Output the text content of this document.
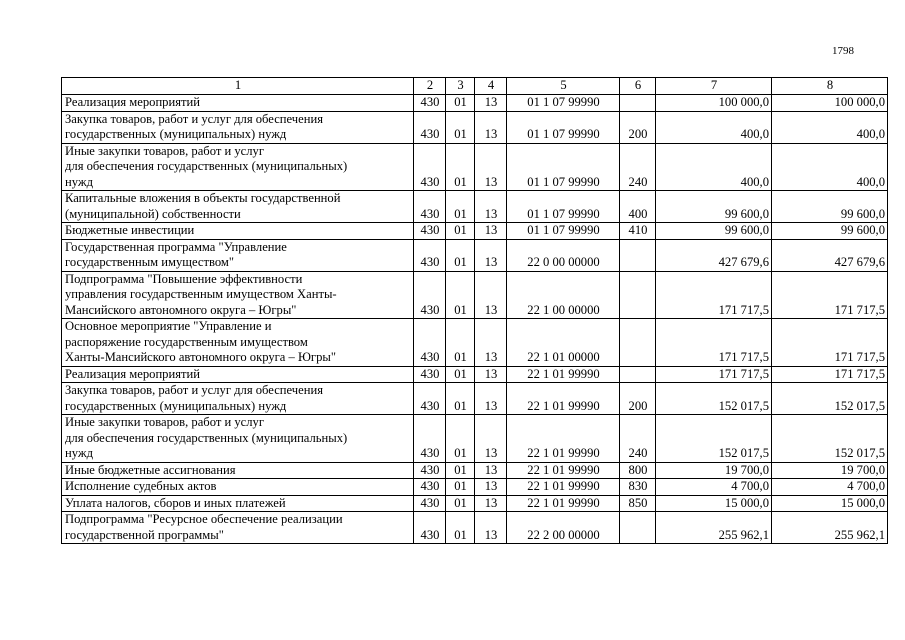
1798
1	2	3	4	5	6	7	8

Реализация мероприятий	430	01	13	01 1 07 99990		100 000,0	100 000,0

Закупка товаров, работ и услуг для обеспечения
государственных (муниципальных) нужд	430	01	13	01 1 07 99990	200	400,0	400,0

Иные закупки товаров, работ и услуг
для обеспечения государственных (муниципальных)
нужд	430	01	13	01 1 07 99990	240	400,0	400,0

Капитальные вложения в объекты государственной
(муниципальной) собственности	430	01	13	01 1 07 99990	400	99 600,0	99 600,0

Бюджетные инвестиции	430	01	13	01 1 07 99990	410	99 600,0	99 600,0

Государственная программа "Управление
государственным имуществом"	430	01	13	22 0 00 00000		427 679,6	427 679,6

Подпрограмма "Повышение эффективности
управления государственным имуществом Ханты-
Мансийского автономного округа – Югры"	430	01	13	22 1 00 00000		171 717,5	171 717,5

Основное мероприятие "Управление и
распоряжение государственным имуществом
Ханты-Мансийского автономного округа – Югры"	430	01	13	22 1 01 00000		171 717,5	171 717,5

Реализация мероприятий	430	01	13	22 1 01 99990		171 717,5	171 717,5

Закупка товаров, работ и услуг для обеспечения
государственных (муниципальных) нужд	430	01	13	22 1 01 99990	200	152 017,5	152 017,5

Иные закупки товаров, работ и услуг
для обеспечения государственных (муниципальных)
нужд	430	01	13	22 1 01 99990	240	152 017,5	152 017,5

Иные бюджетные ассигнования	430	01	13	22 1 01 99990	800	19 700,0	19 700,0

Исполнение судебных актов	430	01	13	22 1 01 99990	830	4 700,0	4 700,0

Уплата налогов, сборов и иных платежей	430	01	13	22 1 01 99990	850	15 000,0	15 000,0

Подпрограмма "Ресурсное обеспечение реализации
государственной программы"	430	01	13	22 2 00 00000		255 962,1	255 962,1
